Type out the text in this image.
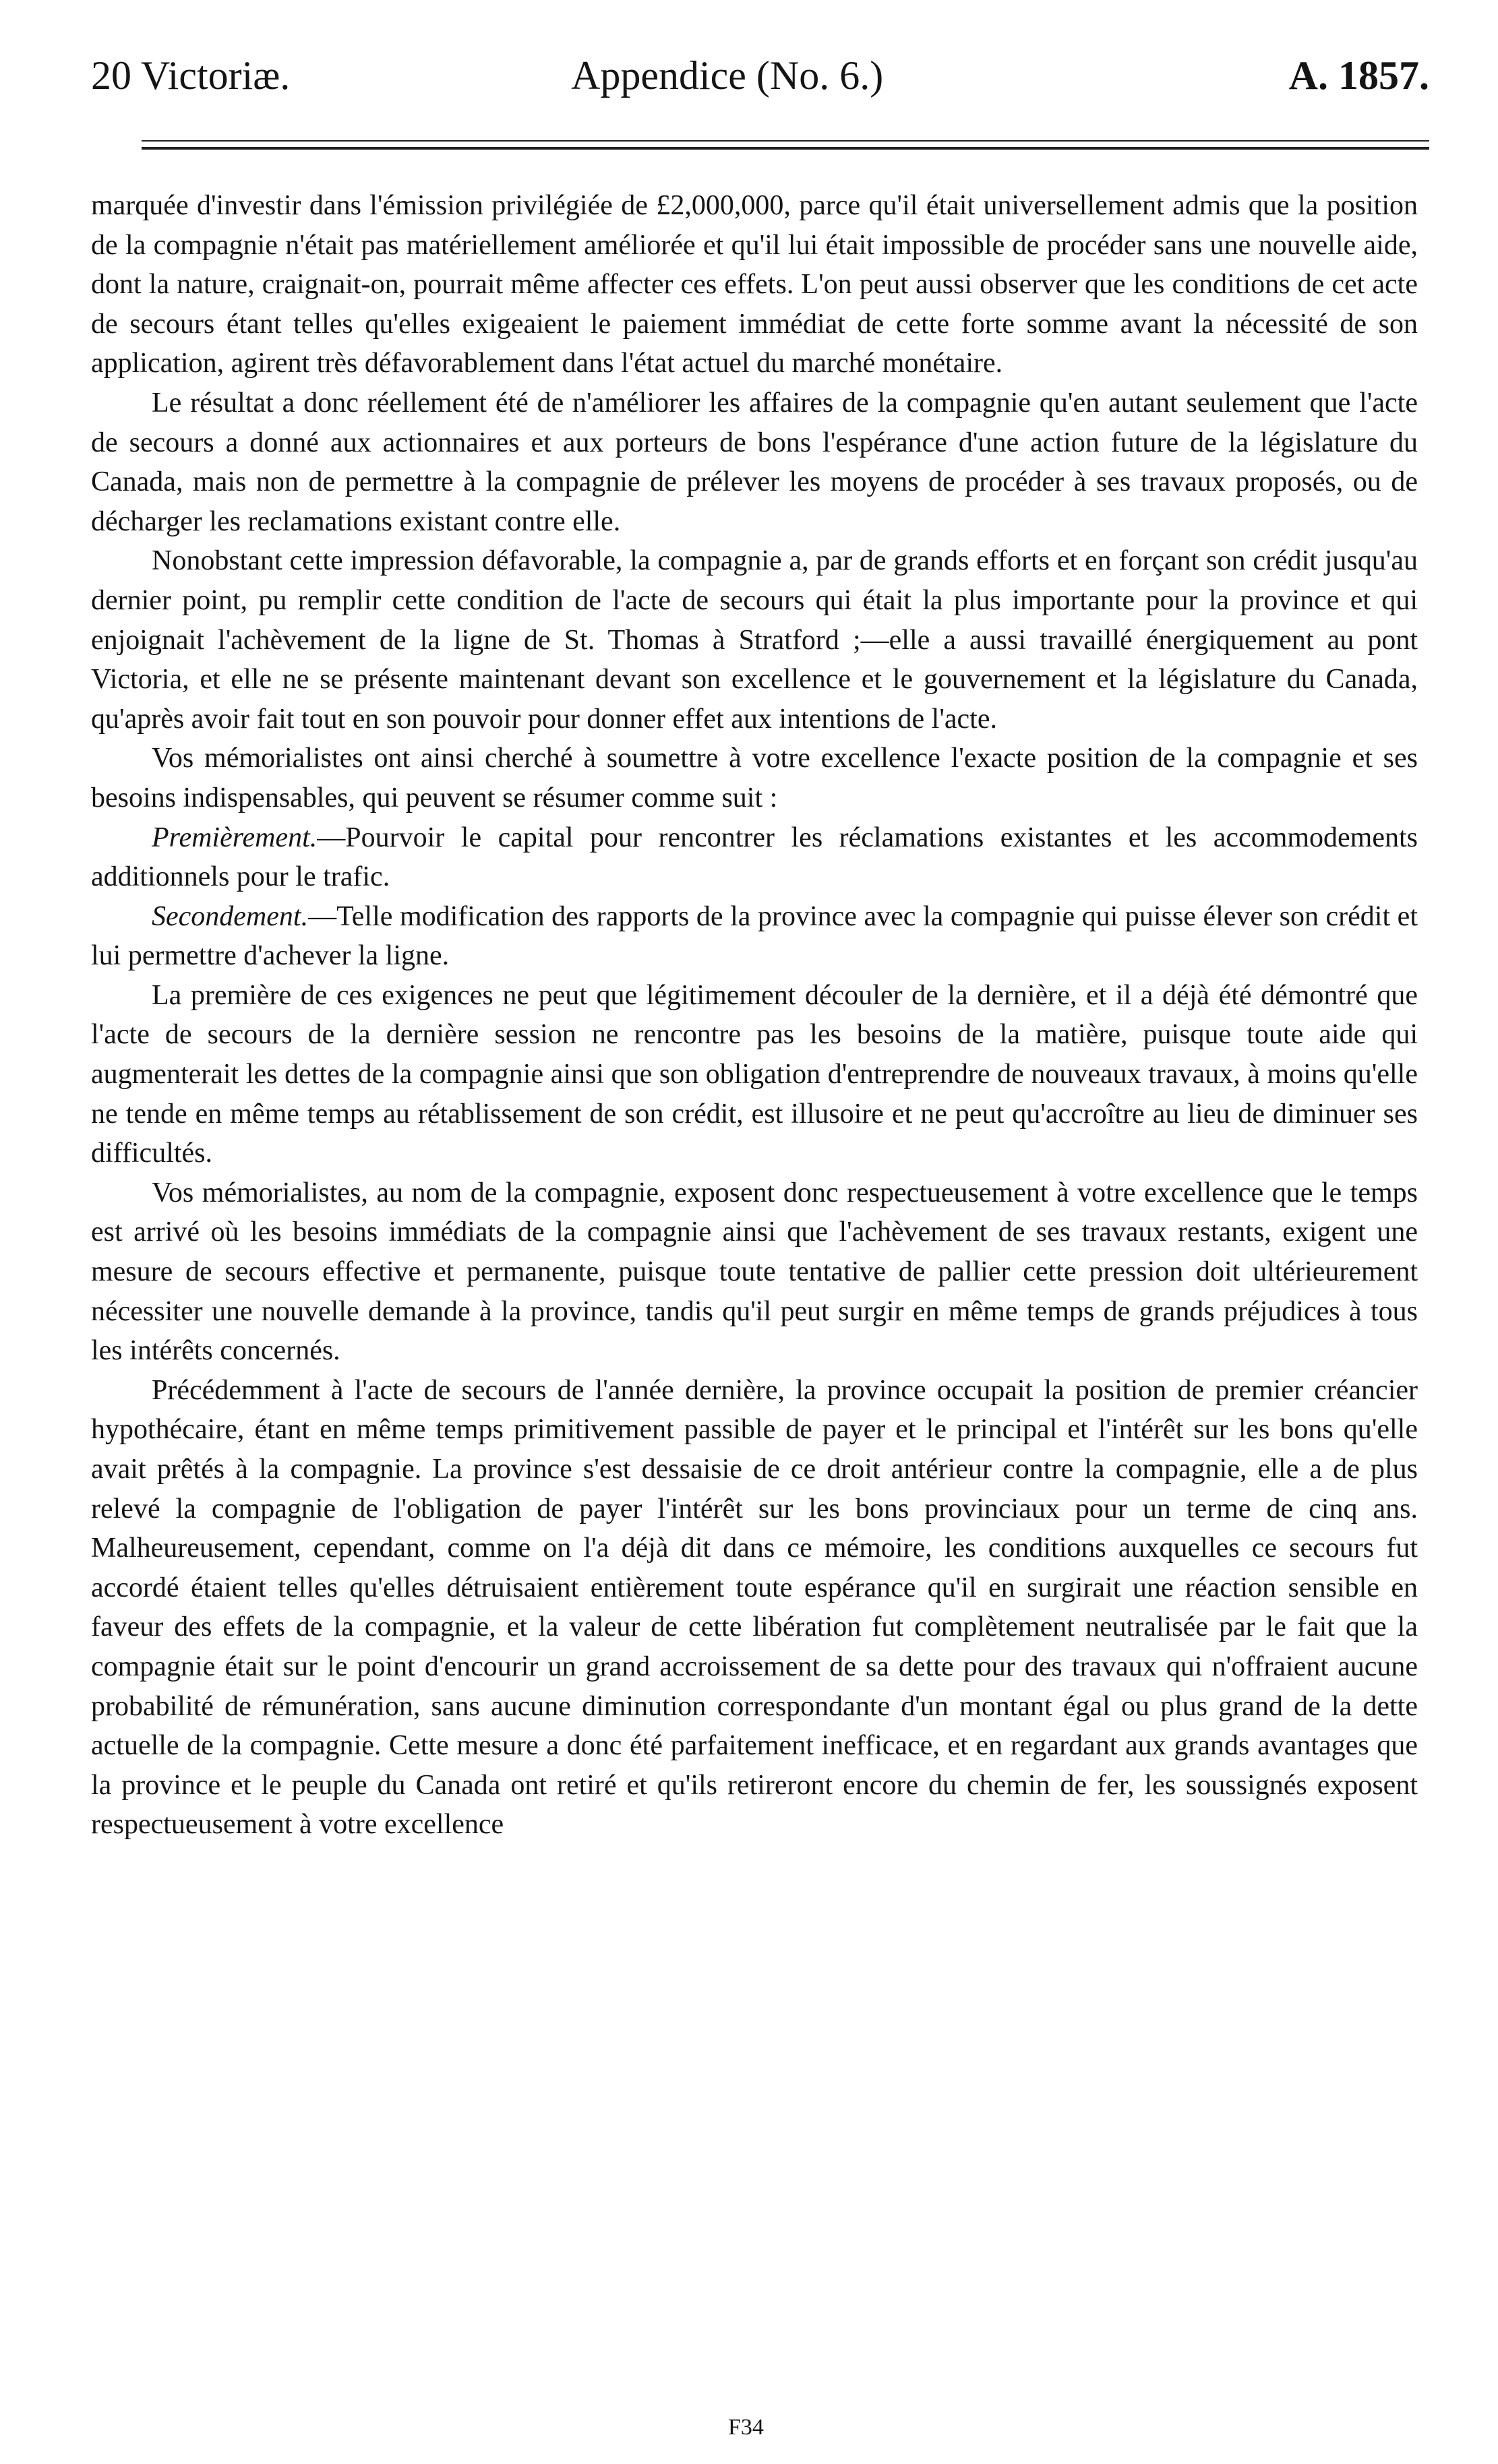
20 Victoriæ.	Appendice (No. 6.)	A. 1857.

marquée d'investir dans l'émission privilégiée de £2,000,000, parce qu'il était universellement admis que la position de la compagnie n'était pas matériellement améliorée et qu'il lui était impossible de procéder sans une nouvelle aide, dont la nature, craignait-on, pourrait même affecter ces effets. L'on peut aussi observer que les conditions de cet acte de secours étant telles qu'elles exigeaient le paiement immédiat de cette forte somme avant la nécessité de son application, agirent très défavorablement dans l'état actuel du marché monétaire.

Le résultat a donc réellement été de n'améliorer les affaires de la compagnie qu'en autant seulement que l'acte de secours a donné aux actionnaires et aux porteurs de bons l'espérance d'une action future de la législature du Canada, mais non de permettre à la compagnie de prélever les moyens de procéder à ses travaux proposés, ou de décharger les reclamations existant contre elle.

Nonobstant cette impression défavorable, la compagnie a, par de grands efforts et en forçant son crédit jusqu'au dernier point, pu remplir cette condition de l'acte de secours qui était la plus importante pour la province et qui enjoignait l'achèvement de la ligne de St. Thomas à Stratford ;—elle a aussi travaillé énergiquement au pont Victoria, et elle ne se présente maintenant devant son excellence et le gouvernement et la législature du Canada, qu'après avoir fait tout en son pouvoir pour donner effet aux intentions de l'acte.

Vos mémorialistes ont ainsi cherché à soumettre à votre excellence l'exacte position de la compagnie et ses besoins indispensables, qui peuvent se résumer comme suit :

Premièrement.—Pourvoir le capital pour rencontrer les réclamations existantes et les accommodements additionnels pour le trafic.

Secondement.—Telle modification des rapports de la province avec la compagnie qui puisse élever son crédit et lui permettre d'achever la ligne.

La première de ces exigences ne peut que légitimement découler de la dernière, et il a déjà été démontré que l'acte de secours de la dernière session ne rencontre pas les besoins de la matière, puisque toute aide qui augmenterait les dettes de la compagnie ainsi que son obligation d'entreprendre de nouveaux travaux, à moins qu'elle ne tende en même temps au rétablissement de son crédit, est illusoire et ne peut qu'accroître au lieu de diminuer ses difficultés.

Vos mémorialistes, au nom de la compagnie, exposent donc respectueusement à votre excellence que le temps est arrivé où les besoins immédiats de la compagnie ainsi que l'achèvement de ses travaux restants, exigent une mesure de secours effective et permanente, puisque toute tentative de pallier cette pression doit ultérieurement nécessiter une nouvelle demande à la province, tandis qu'il peut surgir en même temps de grands préjudices à tous les intérêts concernés.

Précédemment à l'acte de secours de l'année dernière, la province occupait la position de premier créancier hypothécaire, étant en même temps primitivement passible de payer et le principal et l'intérêt sur les bons qu'elle avait prêtés à la compagnie. La province s'est dessaisie de ce droit antérieur contre la compagnie, elle a de plus relevé la compagnie de l'obligation de payer l'intérêt sur les bons provinciaux pour un terme de cinq ans. Malheureusement, cependant, comme on l'a déjà dit dans ce mémoire, les conditions auxquelles ce secours fut accordé étaient telles qu'elles détruisaient entièrement toute espérance qu'il en surgirait une réaction sensible en faveur des effets de la compagnie, et la valeur de cette libération fut complètement neutralisée par le fait que la compagnie était sur le point d'encourir un grand accroissement de sa dette pour des travaux qui n'offraient aucune probabilité de rémunération, sans aucune diminution correspondante d'un montant égal ou plus grand de la dette actuelle de la compagnie. Cette mesure a donc été parfaitement inefficace, et en regardant aux grands avantages que la province et le peuple du Canada ont retiré et qu'ils retireront encore du chemin de fer, les soussignés exposent respectueusement à votre excellence

F34
